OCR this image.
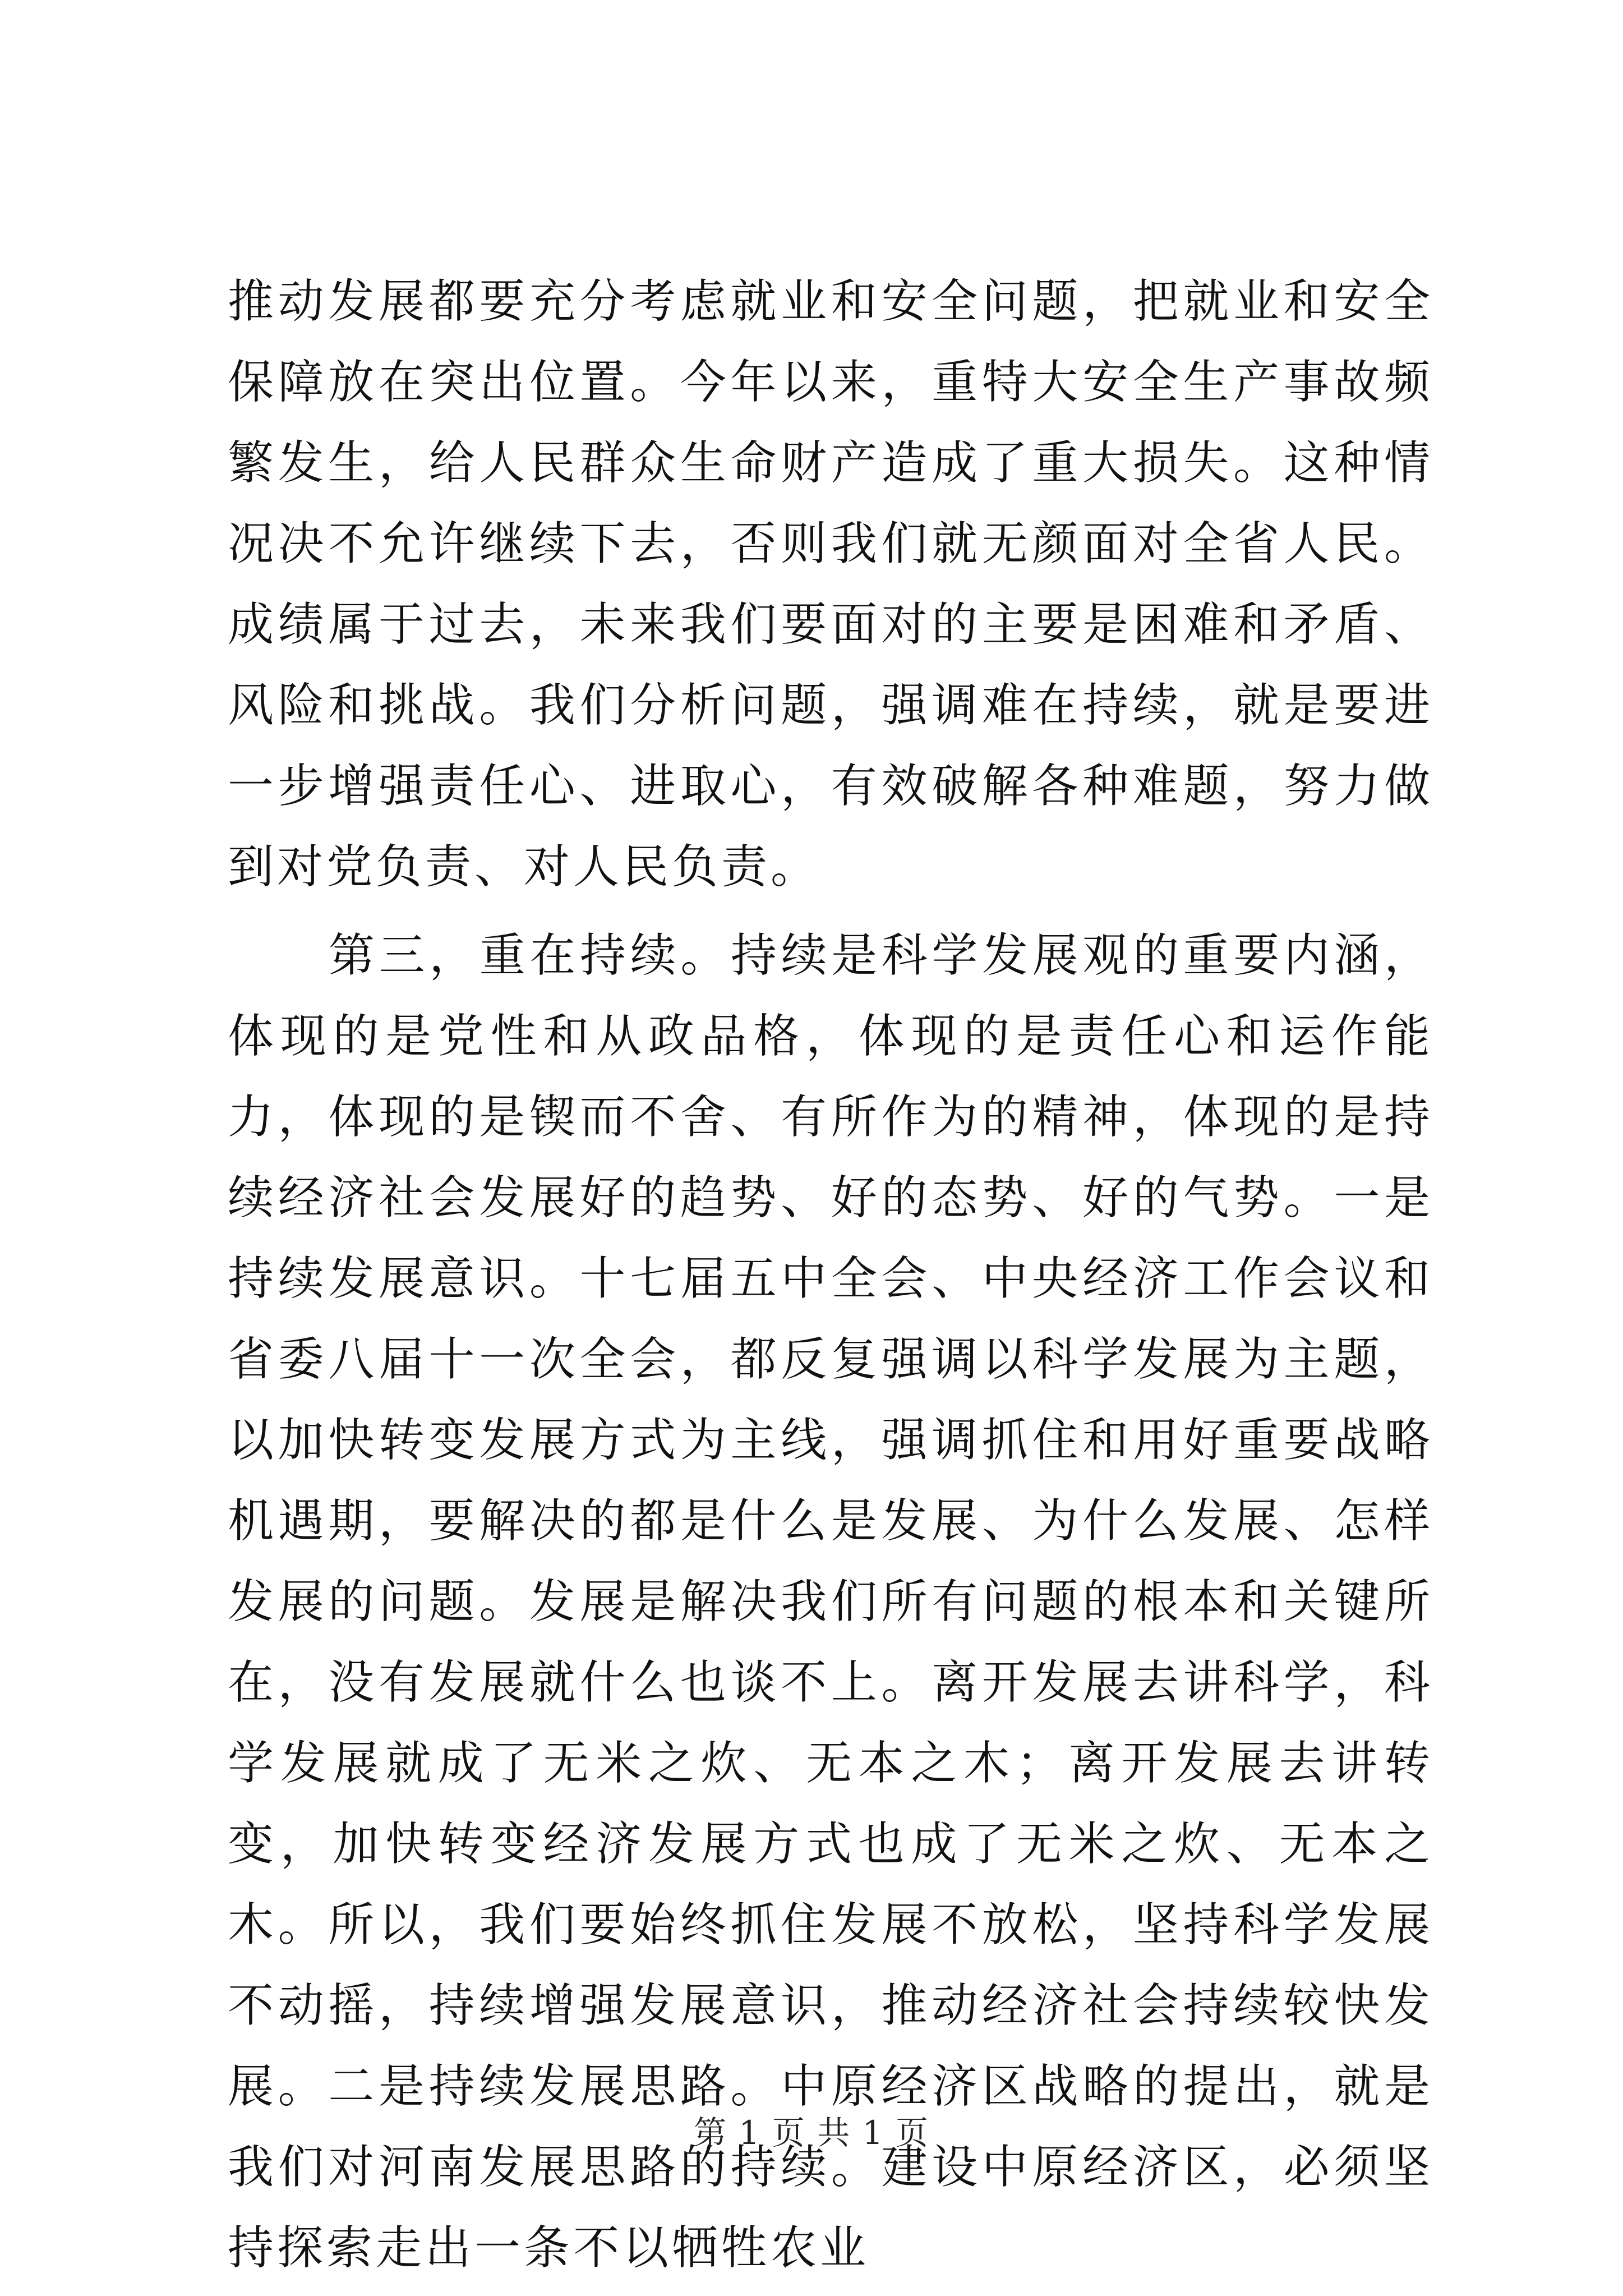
推动发展都要充分考虑就业和安全问题，把就业和安全保障放在突出位置。今年以来，重特大安全生产事故频繁发生，给人民群众生命财产造成了重大损失。这种情况决不允许继续下去，否则我们就无颜面对全省人民。成绩属于过去，未来我们要面对的主要是困难和矛盾、风险和挑战。我们分析问题，强调难在持续，就是要进一步增强责任心、进取心，有效破解各种难题，努力做到对党负责、对人民负责。

第三，重在持续。持续是科学发展观的重要内涵，体现的是党性和从政品格，体现的是责任心和运作能力，体现的是锲而不舍、有所作为的精神，体现的是持续经济社会发展好的趋势、好的态势、好的气势。一是持续发展意识。十七届五中全会、中央经济工作会议和省委八届十一次全会，都反复强调以科学发展为主题，以加快转变发展方式为主线，强调抓住和用好重要战略机遇期，要解决的都是什么是发展、为什么发展、怎样发展的问题。发展是解决我们所有问题的根本和关键所在，没有发展就什么也谈不上。离开发展去讲科学，科学发展就成了无米之炊、无本之木；离开发展去讲转变，加快转变经济发展方式也成了无米之炊、无本之木。所以，我们要始终抓住发展不放松，坚持科学发展不动摇，持续增强发展意识，推动经济社会持续较快发展。二是持续发展思路。中原经济区战略的提出，就是我们对河南发展思路的持续。建设中原经济区，必须坚持探索走出一条不以牺牲农业

第 1 页 共 1 页
